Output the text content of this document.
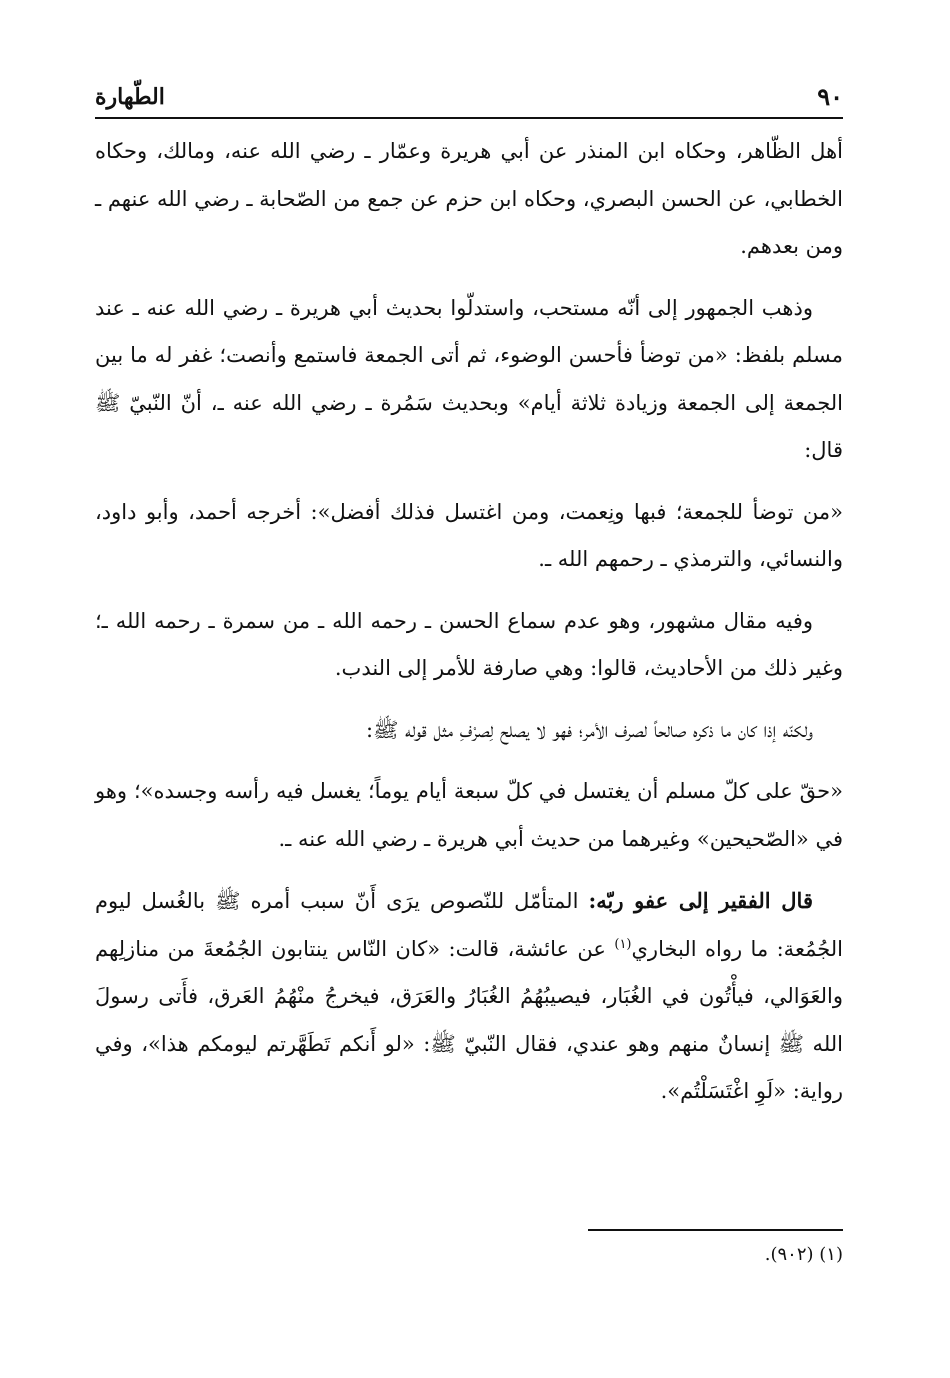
٩٠
الطّهارة

أهل الظّاهر، وحكاه ابن المنذر عن أبي هريرة وعمّار ـ رضي الله عنه، ومالك، وحكاه الخطابي، عن الحسن البصري، وحكاه ابن حزم عن جمع من الصّحابة ـ رضي الله عنهم ـ ومن بعدهم.

وذهب الجمهور إلى أنّه مستحب، واستدلّوا بحديث أبي هريرة ـ رضي الله عنه ـ عند مسلم بلفظ: «من توضأ فأحسن الوضوء، ثم أتى الجمعة فاستمع وأنصت؛ غفر له ما بين الجمعة إلى الجمعة وزيادة ثلاثة أيام» وبحديث سَمُرة ـ رضي الله عنه ـ، أنّ النّبيّ ﷺ قال:

«من توضأ للجمعة؛ فبها ونِعمت، ومن اغتسل فذلك أفضل»: أخرجه أحمد، وأبو داود، والنسائي، والترمذي ـ رحمهم الله ـ.

وفيه مقال مشهور، وهو عدم سماع الحسن ـ رحمه الله ـ من سمرة ـ رحمه الله ـ؛ وغير ذلك من الأحاديث، قالوا: وهي صارفة للأمر إلى الندب.

ولكنّه إذا كان ما ذكره صالحاً لصرف الأمر؛ فهو لا يصلح لِصرْفِ مثل قوله ﷺ:

«حقّ على كلّ مسلم أن يغتسل في كلّ سبعة أيام يوماً؛ يغسل فيه رأسه وجسده»؛ وهو في «الصّحيحين» وغيرهما من حديث أبي هريرة ـ رضي الله عنه ـ.

قال الفقير إلى عفو ربّه: المتأمّل للنّصوص يرَى أَنّ سبب أمره ﷺ بالغُسل ليوم الجُمُعة: ما رواه البخاري$^{(١)}$ عن عائشة، قالت: «كان النّاس ينتابون الجُمُعةَ من منازلِهم والعَوَالي، فيأْتُون في الغُبَار، فيصيبُهُمُ الغُبَارُ والعَرَق، فيخرجُ منْهُمُ العَرق، فأَتى رسولَ الله ﷺ إنسانٌ منهم وهو عندي، فقال النّبيّ ﷺ: «لو أَنكم تَطَهَّرتم ليومكم هذا»، وفي رواية: «لَوِ اغْتَسَلْتُم».

(١) (٩٠٢).
